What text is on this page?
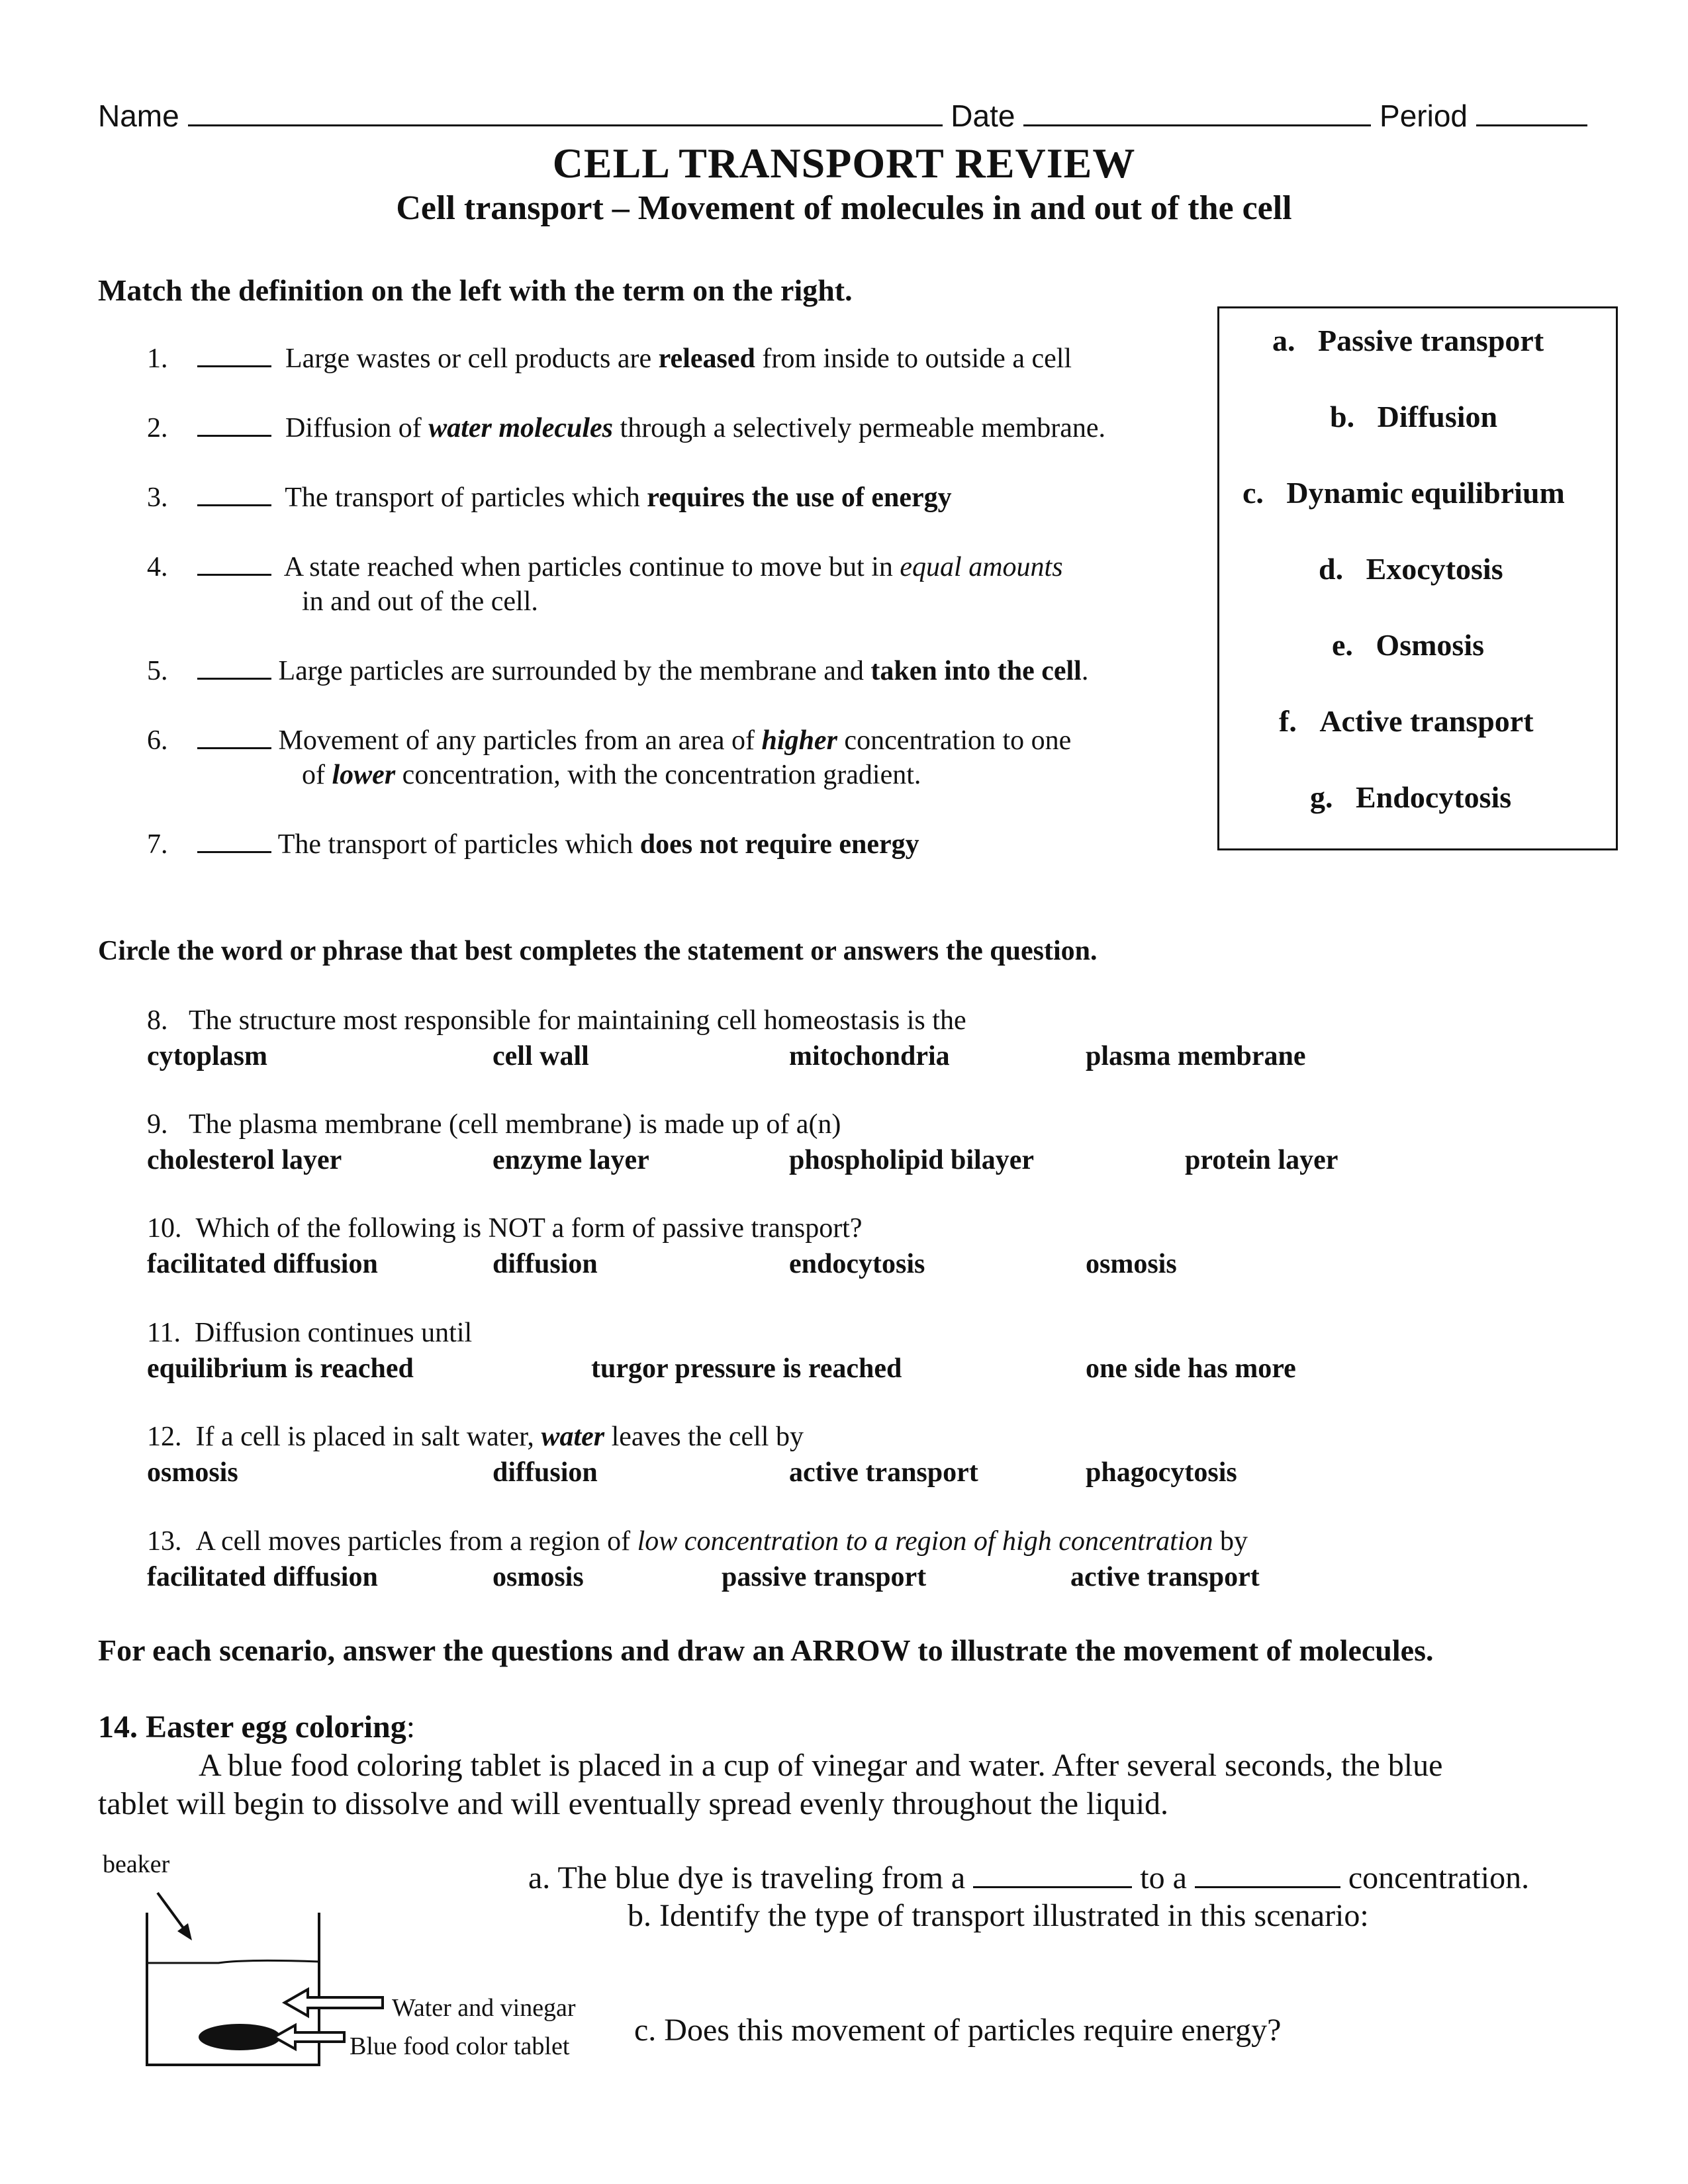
Name	Date	Period
CELL TRANSPORT REVIEW
Cell transport – Movement of molecules in and out of the cell
Match the definition on the left with the term on the right.
1.	Large wastes or cell products are released from inside to outside a cell
2.	Diffusion of water molecules through a selectively permeable membrane.
3.	The transport of particles which requires the use of energy
4.	A state reached when particles continue to move but in equal amounts
in and out of the cell.
5.	Large particles are surrounded by the membrane and taken into the cell.
6.	Movement of any particles from an area of higher concentration to one
of lower concentration, with the concentration gradient.
7.	The transport of particles which does not require energy
a. Passive transport
b. Diffusion
c. Dynamic equilibrium
d. Exocytosis
e. Osmosis
f. Active transport
g. Endocytosis
Circle the word or phrase that best completes the statement or answers the question.
8. The structure most responsible for maintaining cell homeostasis is the
cytoplasm	cell wall	mitochondria	plasma membrane
9. The plasma membrane (cell membrane) is made up of a(n)
cholesterol layer	enzyme layer	phospholipid bilayer	protein layer
10. Which of the following is NOT a form of passive transport?
facilitated diffusion	diffusion	endocytosis	osmosis
11. Diffusion continues until
equilibrium is reached	turgor pressure is reached	one side has more
12. If a cell is placed in salt water, water leaves the cell by
osmosis	diffusion	active transport	phagocytosis
13. A cell moves particles from a region of low concentration to a region of high concentration by
facilitated diffusion	osmosis	passive transport	active transport
For each scenario, answer the questions and draw an ARROW to illustrate the movement of molecules.
14. Easter egg coloring:
A blue food coloring tablet is placed in a cup of vinegar and water. After several seconds, the blue
tablet will begin to dissolve and will eventually spread evenly throughout the liquid.
a. The blue dye is traveling from a	to a	concentration.
b. Identify the type of transport illustrated in this scenario:
c. Does this movement of particles require energy?
beaker
Water and vinegar
Blue food color tablet
